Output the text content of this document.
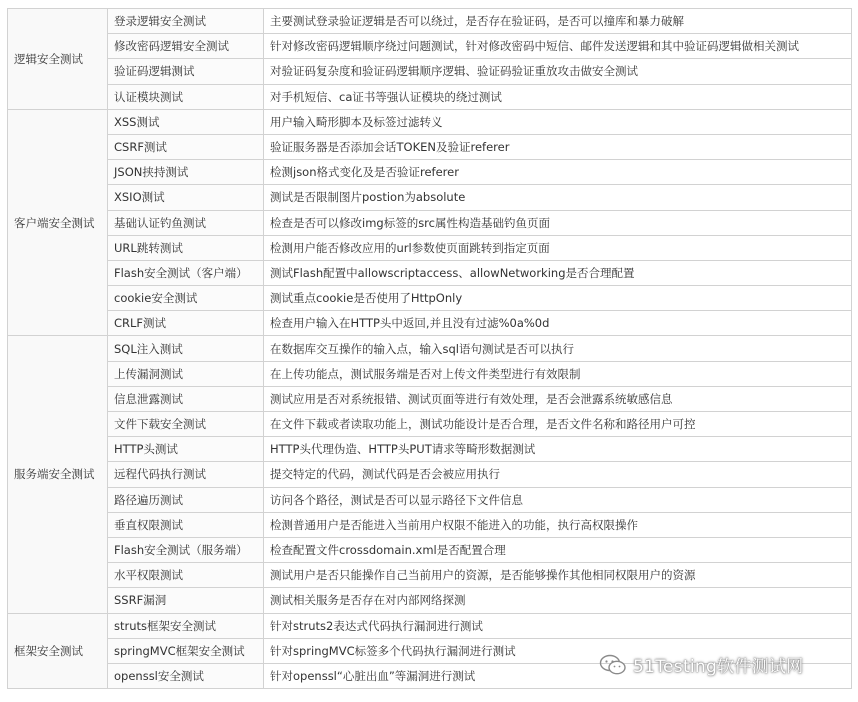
逻辑安全测试	登录逻辑安全测试	主要测试登录验证逻辑是否可以绕过，是否存在验证码，是否可以撞库和暴力破解
	修改密码逻辑安全测试	针对修改密码逻辑顺序绕过问题测试，针对修改密码中短信、邮件发送逻辑和其中验证码逻辑做相关测试
	验证码逻辑测试	对验证码复杂度和验证码逻辑顺序逻辑、验证码验证重放攻击做安全测试
	认证模块测试	对手机短信、ca证书等强认证模块的绕过测试
客户端安全测试	XSS测试	用户输入畸形脚本及标签过滤转义
	CSRF测试	验证服务器是否添加会话TOKEN及验证referer
	JSON挟持测试	检测json格式变化及是否验证referer
	XSIO测试	测试是否限制图片postion为absolute
	基础认证钓鱼测试	检查是否可以修改img标签的src属性构造基础钓鱼页面
	URL跳转测试	检测用户能否修改应用的url参数使页面跳转到指定页面
	Flash安全测试（客户端）	测试Flash配置中allowscriptaccess、allowNetworking是否合理配置
	cookie安全测试	测试重点cookie是否使用了HttpOnly
	CRLF测试	检查用户输入在HTTP头中返回,并且没有过滤%0a%0d
服务端安全测试	SQL注入测试	在数据库交互操作的输入点，输入sql语句测试是否可以执行
	上传漏洞测试	在上传功能点，测试服务端是否对上传文件类型进行有效限制
	信息泄露测试	测试应用是否对系统报错、测试页面等进行有效处理，是否会泄露系统敏感信息
	文件下载安全测试	在文件下载或者读取功能上，测试功能设计是否合理，是否文件名称和路径用户可控
	HTTP头测试	HTTP头代理伪造、HTTP头PUT请求等畸形数据测试
	远程代码执行测试	提交特定的代码，测试代码是否会被应用执行
	路径遍历测试	访问各个路径，测试是否可以显示路径下文件信息
	垂直权限测试	检测普通用户是否能进入当前用户权限不能进入的功能，执行高权限操作
	Flash安全测试（服务端）	检查配置文件crossdomain.xml是否配置合理
	水平权限测试	测试用户是否只能操作自己当前用户的资源，是否能够操作其他相同权限用户的资源
	SSRF漏洞	测试相关服务是否存在对内部网络探测
框架安全测试	struts框架安全测试	针对struts2表达式代码执行漏洞进行测试
	springMVC框架安全测试	针对springMVC标签多个代码执行漏洞进行测试
	openssl安全测试	针对openssl“心脏出血”等漏洞进行测试	51Testing软件测试网
